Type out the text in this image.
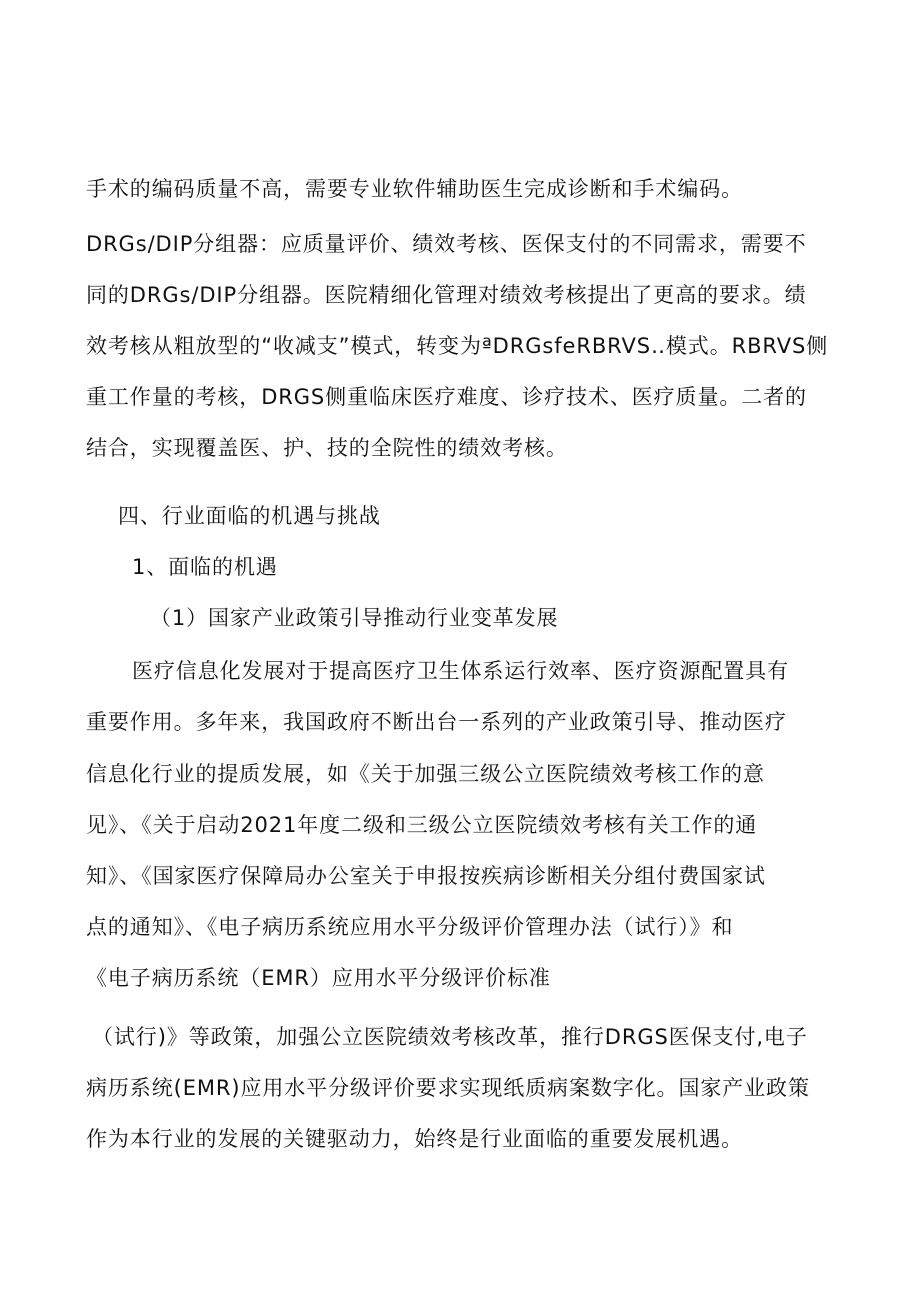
手术的编码质量不高，需要专业软件辅助医生完成诊断和手术编码。
DRGs/DIP分组器：应质量评价、绩效考核、医保支付的不同需求，需要不
同的DRGs/DIP分组器。医院精细化管理对绩效考核提出了更高的要求。绩
效考核从粗放型的“收减支”模式，转变为ªDRGsfeRBRVS‥模式。RBRVS侧
重工作量的考核，DRGS侧重临床医疗难度、诊疗技术、医疗质量。二者的
结合，实现覆盖医、护、技的全院性的绩效考核。
四、行业面临的机遇与挑战
1、面临的机遇
（1）国家产业政策引导推动行业变革发展
医疗信息化发展对于提高医疗卫生体系运行效率、医疗资源配置具有
重要作用。多年来，我国政府不断出台一系列的产业政策引导、推动医疗
信息化行业的提质发展，如《关于加强三级公立医院绩效考核工作的意
见》、《关于启动2021年度二级和三级公立医院绩效考核有关工作的通
知》、《国家医疗保障局办公室关于申报按疾病诊断相关分组付费国家试
点的通知》、《电子病历系统应用水平分级评价管理办法（试行）》和
《电子病历系统（EMR）应用水平分级评价标准
（试行)》等政策，加强公立医院绩效考核改革，推行DRGS医保支付,电子
病历系统(EMR)应用水平分级评价要求实现纸质病案数字化。国家产业政策
作为本行业的发展的关键驱动力，始终是行业面临的重要发展机遇。
